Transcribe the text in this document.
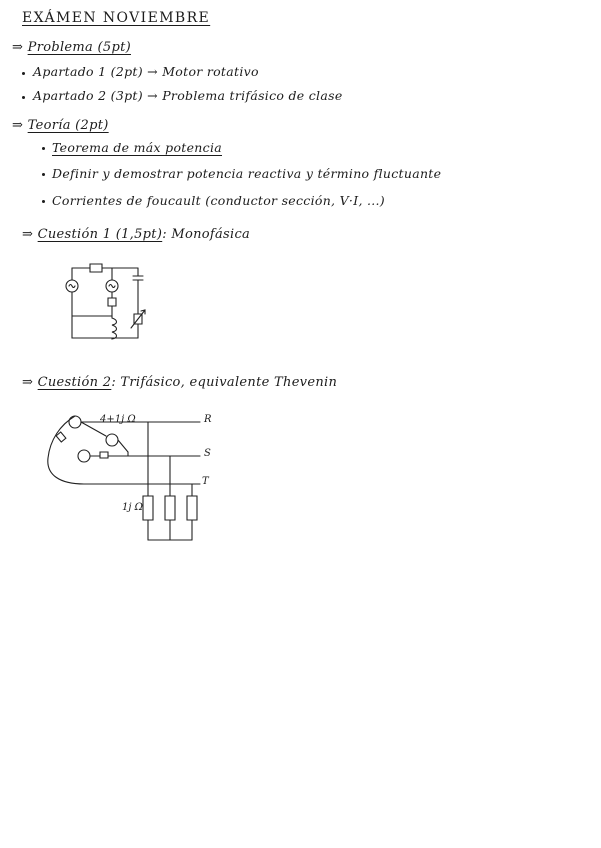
EXÁMEN NOVIEMBRE
⇒ Problema (5pt)
Apartado 1 (2pt) → Motor rotativo
Apartado 2 (3pt) → Problema trifásico de clase
⇒ Teoría (2pt)
Teorema de máx potencia
Definir y demostrar potencia reactiva y término fluctuante
Corrientes de foucault (conductor sección, V·I, ...)
⇒ Cuestión 1 (1,5pt): Monofásica
⇒ Cuestión 2: Trifásico, equivalente Thevenin
4+1j Ω	R
S
T
1j Ω
